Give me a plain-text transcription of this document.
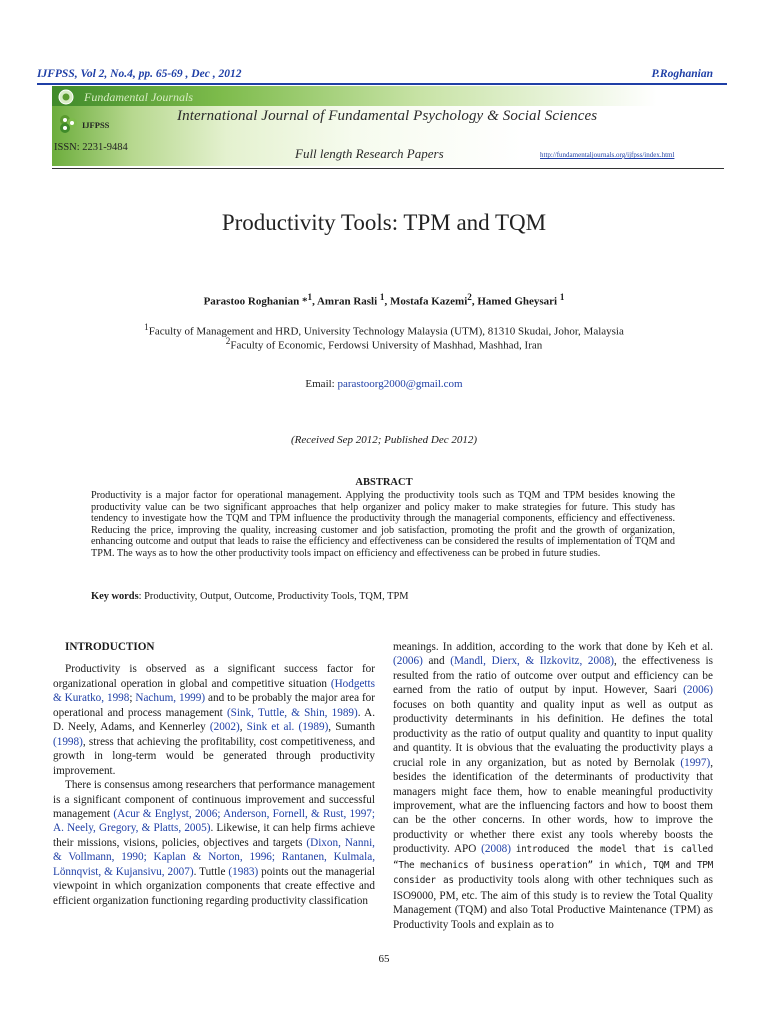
IJFPSS, Vol 2, No.4, pp. 65-69 , Dec , 2012	P.Roghanian
Fundamental Journals
IJFPSS
International Journal of Fundamental Psychology & Social Sciences
ISSN: 2231-9484	Full length Research Papers	http://fundamentaljournals.org/ijfpss/index.html
Productivity Tools: TPM and TQM
Parastoo Roghanian *$^1$, Amran Rasli $^1$, Mostafa Kazemi$^2$, Hamed Gheysari $^1$
$^1$Faculty of Management and HRD, University Technology Malaysia (UTM), 81310 Skudai, Johor, Malaysia
$^2$Faculty of Economic, Ferdowsi University of Mashhad, Mashhad, Iran
Email: parastoorg2000@gmail.com
(Received Sep 2012; Published Dec 2012)
ABSTRACT
Productivity is a major factor for operational management. Applying the productivity tools such as TQM and TPM besides knowing the productivity value can be two significant approaches that help organizer and policy maker to make strategies for future. This study has tendency to investigate how the TQM and TPM influence the productivity through the managerial components, efficiency and effectiveness. Reducing the price, improving the quality, increasing customer and job satisfaction, promoting the profit and the growth of organization, enhancing outcome and output that leads to raise the efficiency and effectiveness can be considered the results of implementation of TQM and TPM. The ways as to how the other productivity tools impact on efficiency and effectiveness can be probed in future studies.
Key words: Productivity, Output, Outcome, Productivity Tools, TQM, TPM

INTRODUCTION

Productivity is observed as a significant success factor for organizational operation in global and competitive situation (Hodgetts & Kuratko, 1998; Nachum, 1999) and to be probably the major area for operational and process management (Sink, Tuttle, & Shin, 1989). A. D. Neely, Adams, and Kennerley (2002), Sink et al. (1989), Sumanth (1998), stress that achieving the profitability, cost competitiveness, and growth in long-term would be generated through productivity improvement.

There is consensus among researchers that performance management is a significant component of continuous improvement and successful management (Acur & Englyst, 2006; Anderson, Fornell, & Rust, 1997; A. Neely, Gregory, & Platts, 2005). Likewise, it can help firms achieve their missions, visions, policies, objectives and targets (Dixon, Nanni, & Vollmann, 1990; Kaplan & Norton, 1996; Rantanen, Kulmala, Lönnqvist, & Kujansivu, 2007). Tuttle (1983) points out the managerial viewpoint in which organization components that create effective and efficient organization functioning regarding productivity classification

meanings. In addition, according to the work that done by Keh et al. (2006) and (Mandl, Dierx, & Ilzkovitz, 2008), the effectiveness is resulted from the ratio of outcome over output and efficiency can be earned from the ratio of output by input. However, Saari (2006) focuses on both quantity and quality input as well as output as productivity determinants in his definition. He defines the total productivity as the ratio of output quality and quantity to input quality and quantity. It is obvious that the evaluating the productivity plays a crucial role in any organization, but as noted by Bernolak (1997), besides the identification of the determinants of productivity that managers might face them, how to enable meaningful productivity improvement, what are the influencing factors and how to boost them can be the other concerns. In other words, how to improve the productivity or whether there exist any tools whereby boosts the productivity. APO (2008) introduced the model that is called “The mechanics of business operation” in which, TQM and TPM consider as productivity tools along with other techniques such as ISO9000, PM, etc. The aim of this study is to review the Total Quality Management (TQM) and also Total Productive Maintenance (TPM) as Productivity Tools and explain as to

65
